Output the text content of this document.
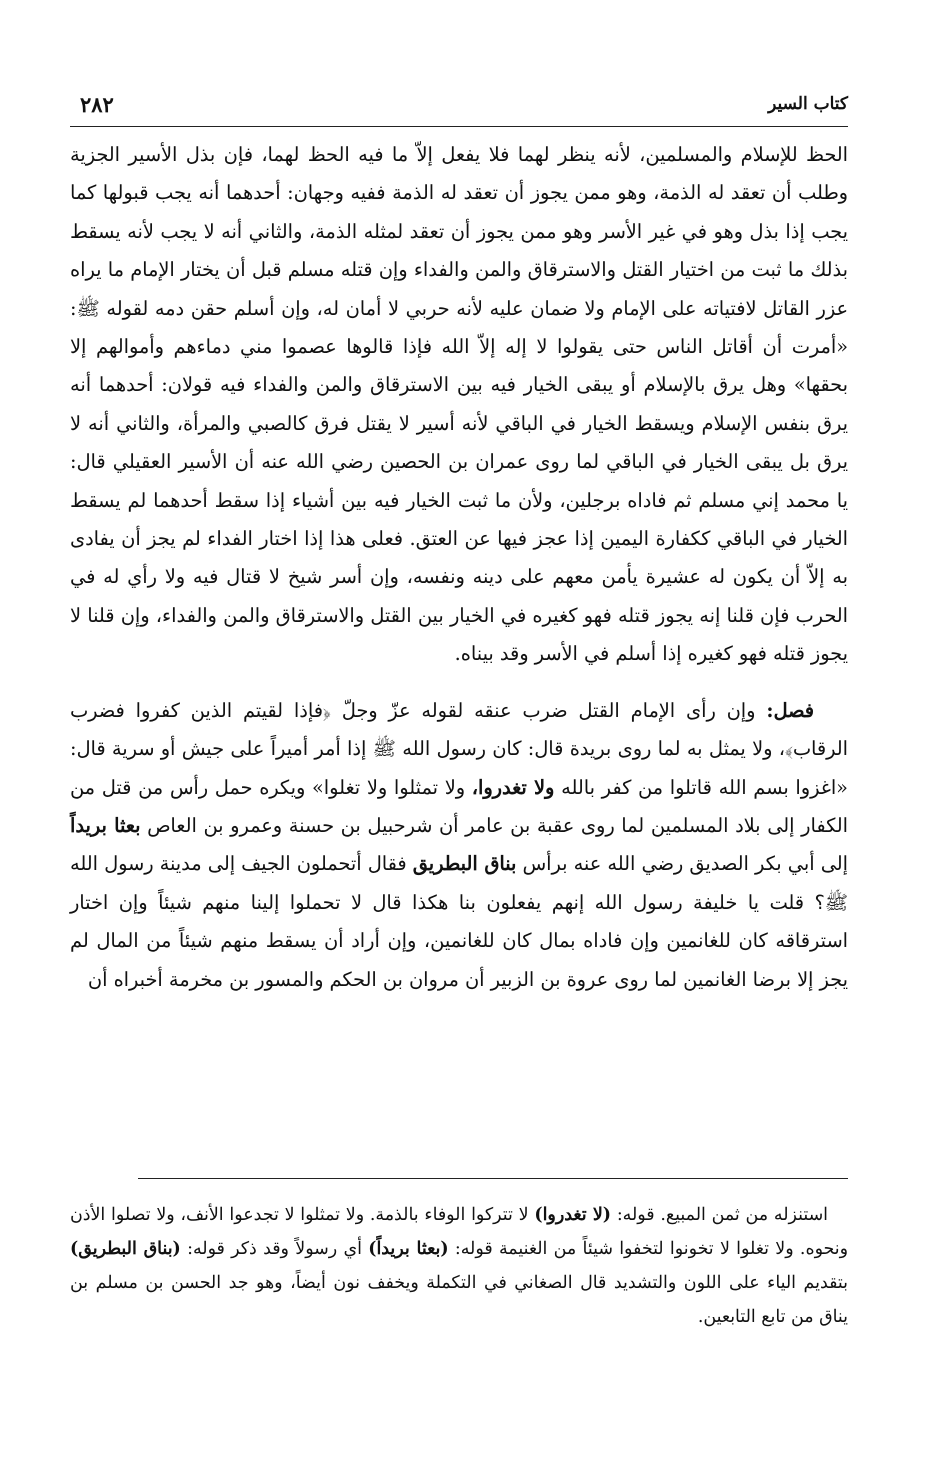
كتاب السير
٢٨٢

الحظ للإسلام والمسلمين، لأنه ينظر لهما فلا يفعل إلاّ ما فيه الحظ لهما، فإن بذل الأسير الجزية وطلب أن تعقد له الذمة، وهو ممن يجوز أن تعقد له الذمة ففيه وجهان: أحدهما أنه يجب قبولها كما يجب إذا بذل وهو في غير الأسر وهو ممن يجوز أن تعقد لمثله الذمة، والثاني أنه لا يجب لأنه يسقط بذلك ما ثبت من اختيار القتل والاسترقاق والمن والفداء وإن قتله مسلم قبل أن يختار الإمام ما يراه عزر القاتل لافتياته على الإمام ولا ضمان عليه لأنه حربي لا أمان له، وإن أسلم حقن دمه لقوله ﷺ: «أمرت أن أقاتل الناس حتى يقولوا لا إله إلاّ الله فإذا قالوها عصموا مني دماءهم وأموالهم إلا بحقها» وهل يرق بالإسلام أو يبقى الخيار فيه بين الاسترقاق والمن والفداء فيه قولان: أحدهما أنه يرق بنفس الإسلام ويسقط الخيار في الباقي لأنه أسير لا يقتل فرق كالصبي والمرأة، والثاني أنه لا يرق بل يبقى الخيار في الباقي لما روى عمران بن الحصين رضي الله عنه أن الأسير العقيلي قال: يا محمد إني مسلم ثم فاداه برجلين، ولأن ما ثبت الخيار فيه بين أشياء إذا سقط أحدهما لم يسقط الخيار في الباقي ككفارة اليمين إذا عجز فيها عن العتق. فعلى هذا إذا اختار الفداء لم يجز أن يفادى به إلاّ أن يكون له عشيرة يأمن معهم على دينه ونفسه، وإن أسر شيخ لا قتال فيه ولا رأي له في الحرب فإن قلنا إنه يجوز قتله فهو كغيره في الخيار بين القتل والاسترقاق والمن والفداء، وإن قلنا لا يجوز قتله فهو كغيره إذا أسلم في الأسر وقد بيناه.

فصل: وإن رأى الإمام القتل ضرب عنقه لقوله عزّ وجلّ ﴿فإذا لقيتم الذين كفروا فضرب الرقاب﴾، ولا يمثل به لما روى بريدة قال: كان رسول الله ﷺ إذا أمر أميراً على جيش أو سرية قال: «اغزوا بسم الله قاتلوا من كفر بالله ولا تغدروا، ولا تمثلوا ولا تغلوا» ويكره حمل رأس من قتل من الكفار إلى بلاد المسلمين لما روى عقبة بن عامر أن شرحبيل بن حسنة وعمرو بن العاص بعثا بريداً إلى أبي بكر الصديق رضي الله عنه برأس بناق البطريق فقال أتحملون الجيف إلى مدينة رسول الله ﷺ؟ قلت يا خليفة رسول الله إنهم يفعلون بنا هكذا قال لا تحملوا إلينا منهم شيئاً وإن اختار استرقاقه كان للغانمين وإن فاداه بمال كان للغانمين، وإن أراد أن يسقط منهم شيئاً من المال لم يجز إلا برضا الغانمين لما روى عروة بن الزبير أن مروان بن الحكم والمسور بن مخرمة أخبراه أن

استنزله من ثمن المبيع. قوله: (لا تغدروا) لا تتركوا الوفاء بالذمة. ولا تمثلوا لا تجدعوا الأنف، ولا تصلوا الأذن ونحوه. ولا تغلوا لا تخونوا لتخفوا شيئاً من الغنيمة قوله: (بعثا بريداً) أي رسولاً وقد ذكر قوله: (بناق البطريق) بتقديم الياء على اللون والتشديد قال الصغاني في التكملة ويخفف نون أيضاً، وهو جد الحسن بن مسلم بن يناق من تابع التابعين.
